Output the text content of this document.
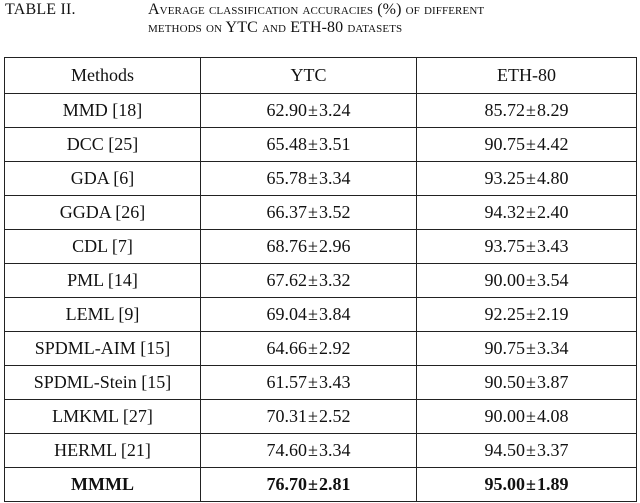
TABLE II.	Average classification accuracies (%) of different
methods on YTC and ETH-80 datasets
Methods	YTC	ETH-80
MMD [18]	62.90±3.24	85.72±8.29
DCC [25]	65.48±3.51	90.75±4.42
GDA [6]	65.78±3.34	93.25±4.80
GGDA [26]	66.37±3.52	94.32±2.40
CDL [7]	68.76±2.96	93.75±3.43
PML [14]	67.62±3.32	90.00±3.54
LEML [9]	69.04±3.84	92.25±2.19
SPDML-AIM [15]	64.66±2.92	90.75±3.34
SPDML-Stein [15]	61.57±3.43	90.50±3.87
LMKML [27]	70.31±2.52	90.00±4.08
HERML [21]	74.60±3.34	94.50±3.37
MMML	76.70±2.81	95.00±1.89
